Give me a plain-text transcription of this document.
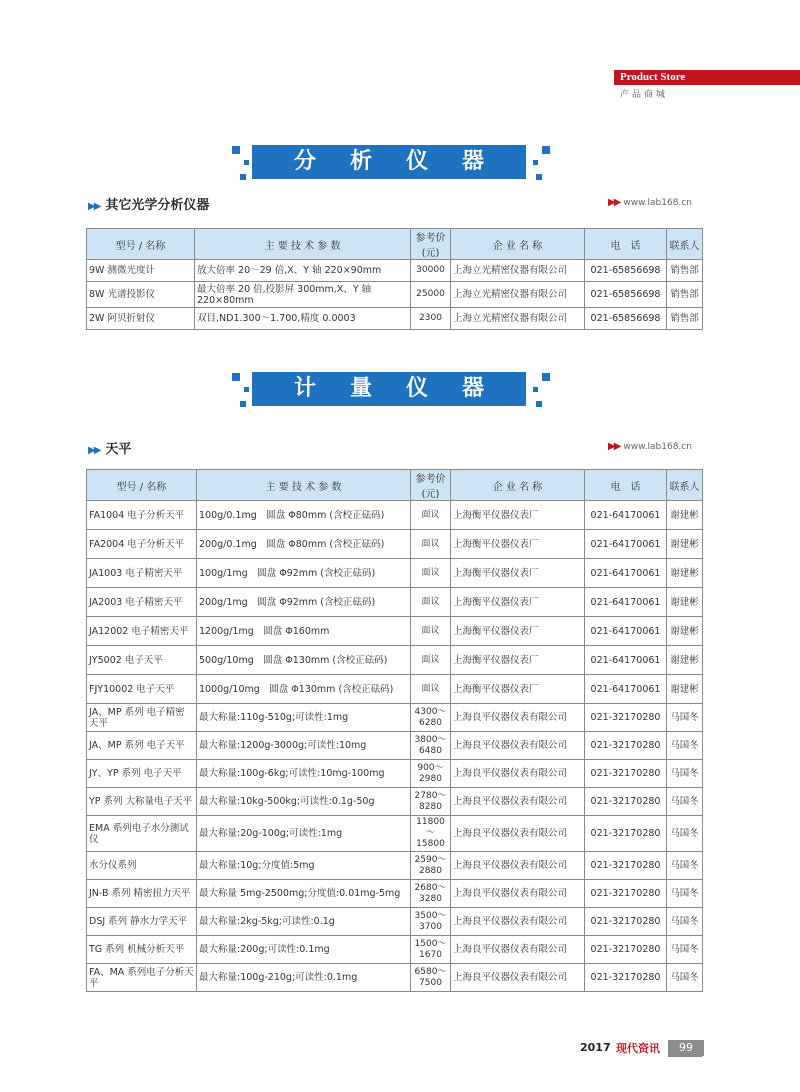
Product Store
产品商城
分析仪器
▶▶ 其它光学分析仪器	▶▶ www.lab168.cn
型号 / 名称	主 要 技 术 参 数	参考价(元)	企 业 名 称	电　话	联系人
9W 测微光度计	放大倍率 20～29 倍,X、Y 轴 220×90mm	30000	上海立光精密仪器有限公司	021-65856698	销售部
8W 光谱投影仪	最大倍率 20 倍,投影屏 300mm,X、Y 轴 220×80mm	25000	上海立光精密仪器有限公司	021-65856698	销售部
2W 阿贝折射仪	双目,ND1.300～1.700,精度 0.0003	2300	上海立光精密仪器有限公司	021-65856698	销售部
计量仪器
▶▶ 天平	▶▶ www.lab168.cn
型号 / 名称	主 要 技 术 参 数	参考价(元)	企 业 名 称	电　话	联系人
FA1004 电子分析天平	100g/0.1mg　圆盘 Φ80mm (含校正砝码)	面议	上海衡平仪器仪表厂	021-64170061	谢建彬
FA2004 电子分析天平	200g/0.1mg　圆盘 Φ80mm (含校正砝码)	面议	上海衡平仪器仪表厂	021-64170061	谢建彬
JA1003 电子精密天平	100g/1mg　圆盘 Φ92mm (含校正砝码)	面议	上海衡平仪器仪表厂	021-64170061	谢建彬
JA2003 电子精密天平	200g/1mg　圆盘 Φ92mm (含校正砝码)	面议	上海衡平仪器仪表厂	021-64170061	谢建彬
JA12002 电子精密天平	1200g/1mg　圆盘 Φ160mm	面议	上海衡平仪器仪表厂	021-64170061	谢建彬
JY5002 电子天平	500g/10mg　圆盘 Φ130mm (含校正砝码)	面议	上海衡平仪器仪表厂	021-64170061	谢建彬
FJY10002 电子天平	1000g/10mg　圆盘 Φ130mm (含校正砝码)	面议	上海衡平仪器仪表厂	021-64170061	谢建彬
JA、MP 系列 电子精密天平	最大称量:110g-510g;可读性:1mg	4300～6280	上海良平仪器仪表有限公司	021-32170280	马国冬
JA、MP 系列 电子天平	最大称量:1200g-3000g;可读性:10mg	3800～6480	上海良平仪器仪表有限公司	021-32170280	马国冬
JY、YP 系列 电子天平	最大称量:100g-6kg;可读性:10mg-100mg	900～2980	上海良平仪器仪表有限公司	021-32170280	马国冬
YP 系列 大称量电子天平	最大称量:10kg-500kg;可读性:0.1g-50g	2780～8280	上海良平仪器仪表有限公司	021-32170280	马国冬
EMA 系列电子水分测试仪	最大称量:20g-100g;可读性:1mg	11800～15800	上海良平仪器仪表有限公司	021-32170280	马国冬
水分仪系列	最大称量:10g;分度值:5mg	2590～2880	上海良平仪器仪表有限公司	021-32170280	马国冬
JN-B 系列 精密扭力天平	最大称量 5mg-2500mg;分度值:0.01mg-5mg	2680～3280	上海良平仪器仪表有限公司	021-32170280	马国冬
DSJ 系列 静水力学天平	最大称量:2kg-5kg;可读性:0.1g	3500～3700	上海良平仪器仪表有限公司	021-32170280	马国冬
TG 系列 机械分析天平	最大称量:200g;可读性:0.1mg	1500～1670	上海良平仪器仪表有限公司	021-32170280	马国冬
FA、MA 系列电子分析天平	最大称量:100g-210g;可读性:0.1mg	6580～7500	上海良平仪器仪表有限公司	021-32170280	马国冬
2017 现代资讯	99
